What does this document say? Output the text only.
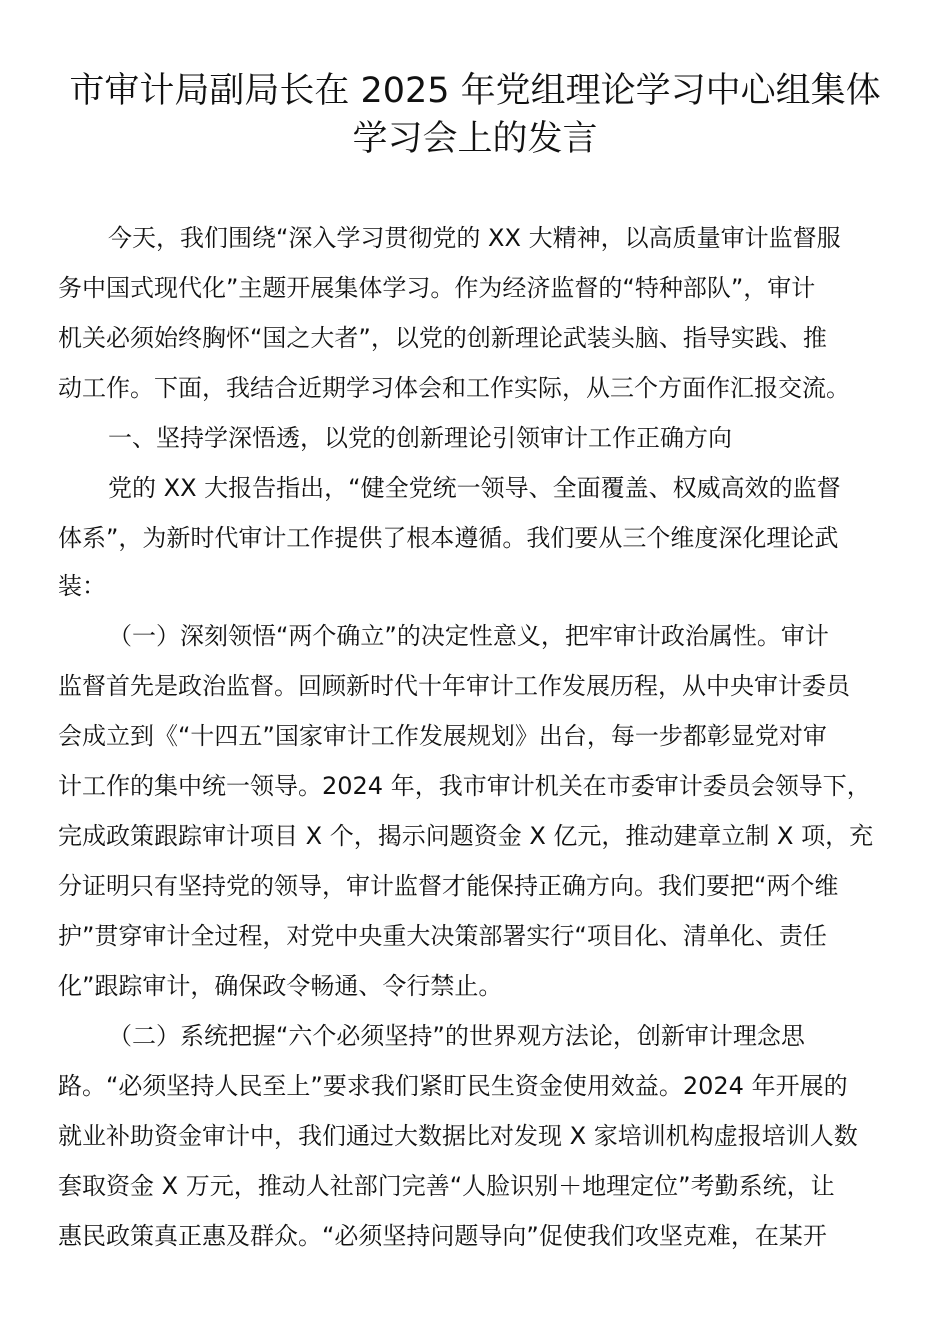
市审计局副局长在 2025 年党组理论学习中心组集体
学习会上的发言
今天，我们围绕“深入学习贯彻党的 XX 大精神，以高质量审计监督服
务中国式现代化”主题开展集体学习。作为经济监督的“特种部队”，审计
机关必须始终胸怀“国之大者”，以党的创新理论武装头脑、指导实践、推
动工作。下面，我结合近期学习体会和工作实际，从三个方面作汇报交流。
一、坚持学深悟透，以党的创新理论引领审计工作正确方向
党的 XX 大报告指出，“健全党统一领导、全面覆盖、权威高效的监督
体系”，为新时代审计工作提供了根本遵循。我们要从三个维度深化理论武
装：
（一）深刻领悟“两个确立”的决定性意义，把牢审计政治属性。审计
监督首先是政治监督。回顾新时代十年审计工作发展历程，从中央审计委员
会成立到《“十四五”国家审计工作发展规划》出台，每一步都彰显党对审
计工作的集中统一领导。2024 年，我市审计机关在市委审计委员会领导下，
完成政策跟踪审计项目 X 个，揭示问题资金 X 亿元，推动建章立制 X 项，充
分证明只有坚持党的领导，审计监督才能保持正确方向。我们要把“两个维
护”贯穿审计全过程，对党中央重大决策部署实行“项目化、清单化、责任
化”跟踪审计，确保政令畅通、令行禁止。
（二）系统把握“六个必须坚持”的世界观方法论，创新审计理念思
路。“必须坚持人民至上”要求我们紧盯民生资金使用效益。2024 年开展的
就业补助资金审计中，我们通过大数据比对发现 X 家培训机构虚报培训人数
套取资金 X 万元，推动人社部门完善“人脸识别＋地理定位”考勤系统，让
惠民政策真正惠及群众。“必须坚持问题导向”促使我们攻坚克难，在某开
